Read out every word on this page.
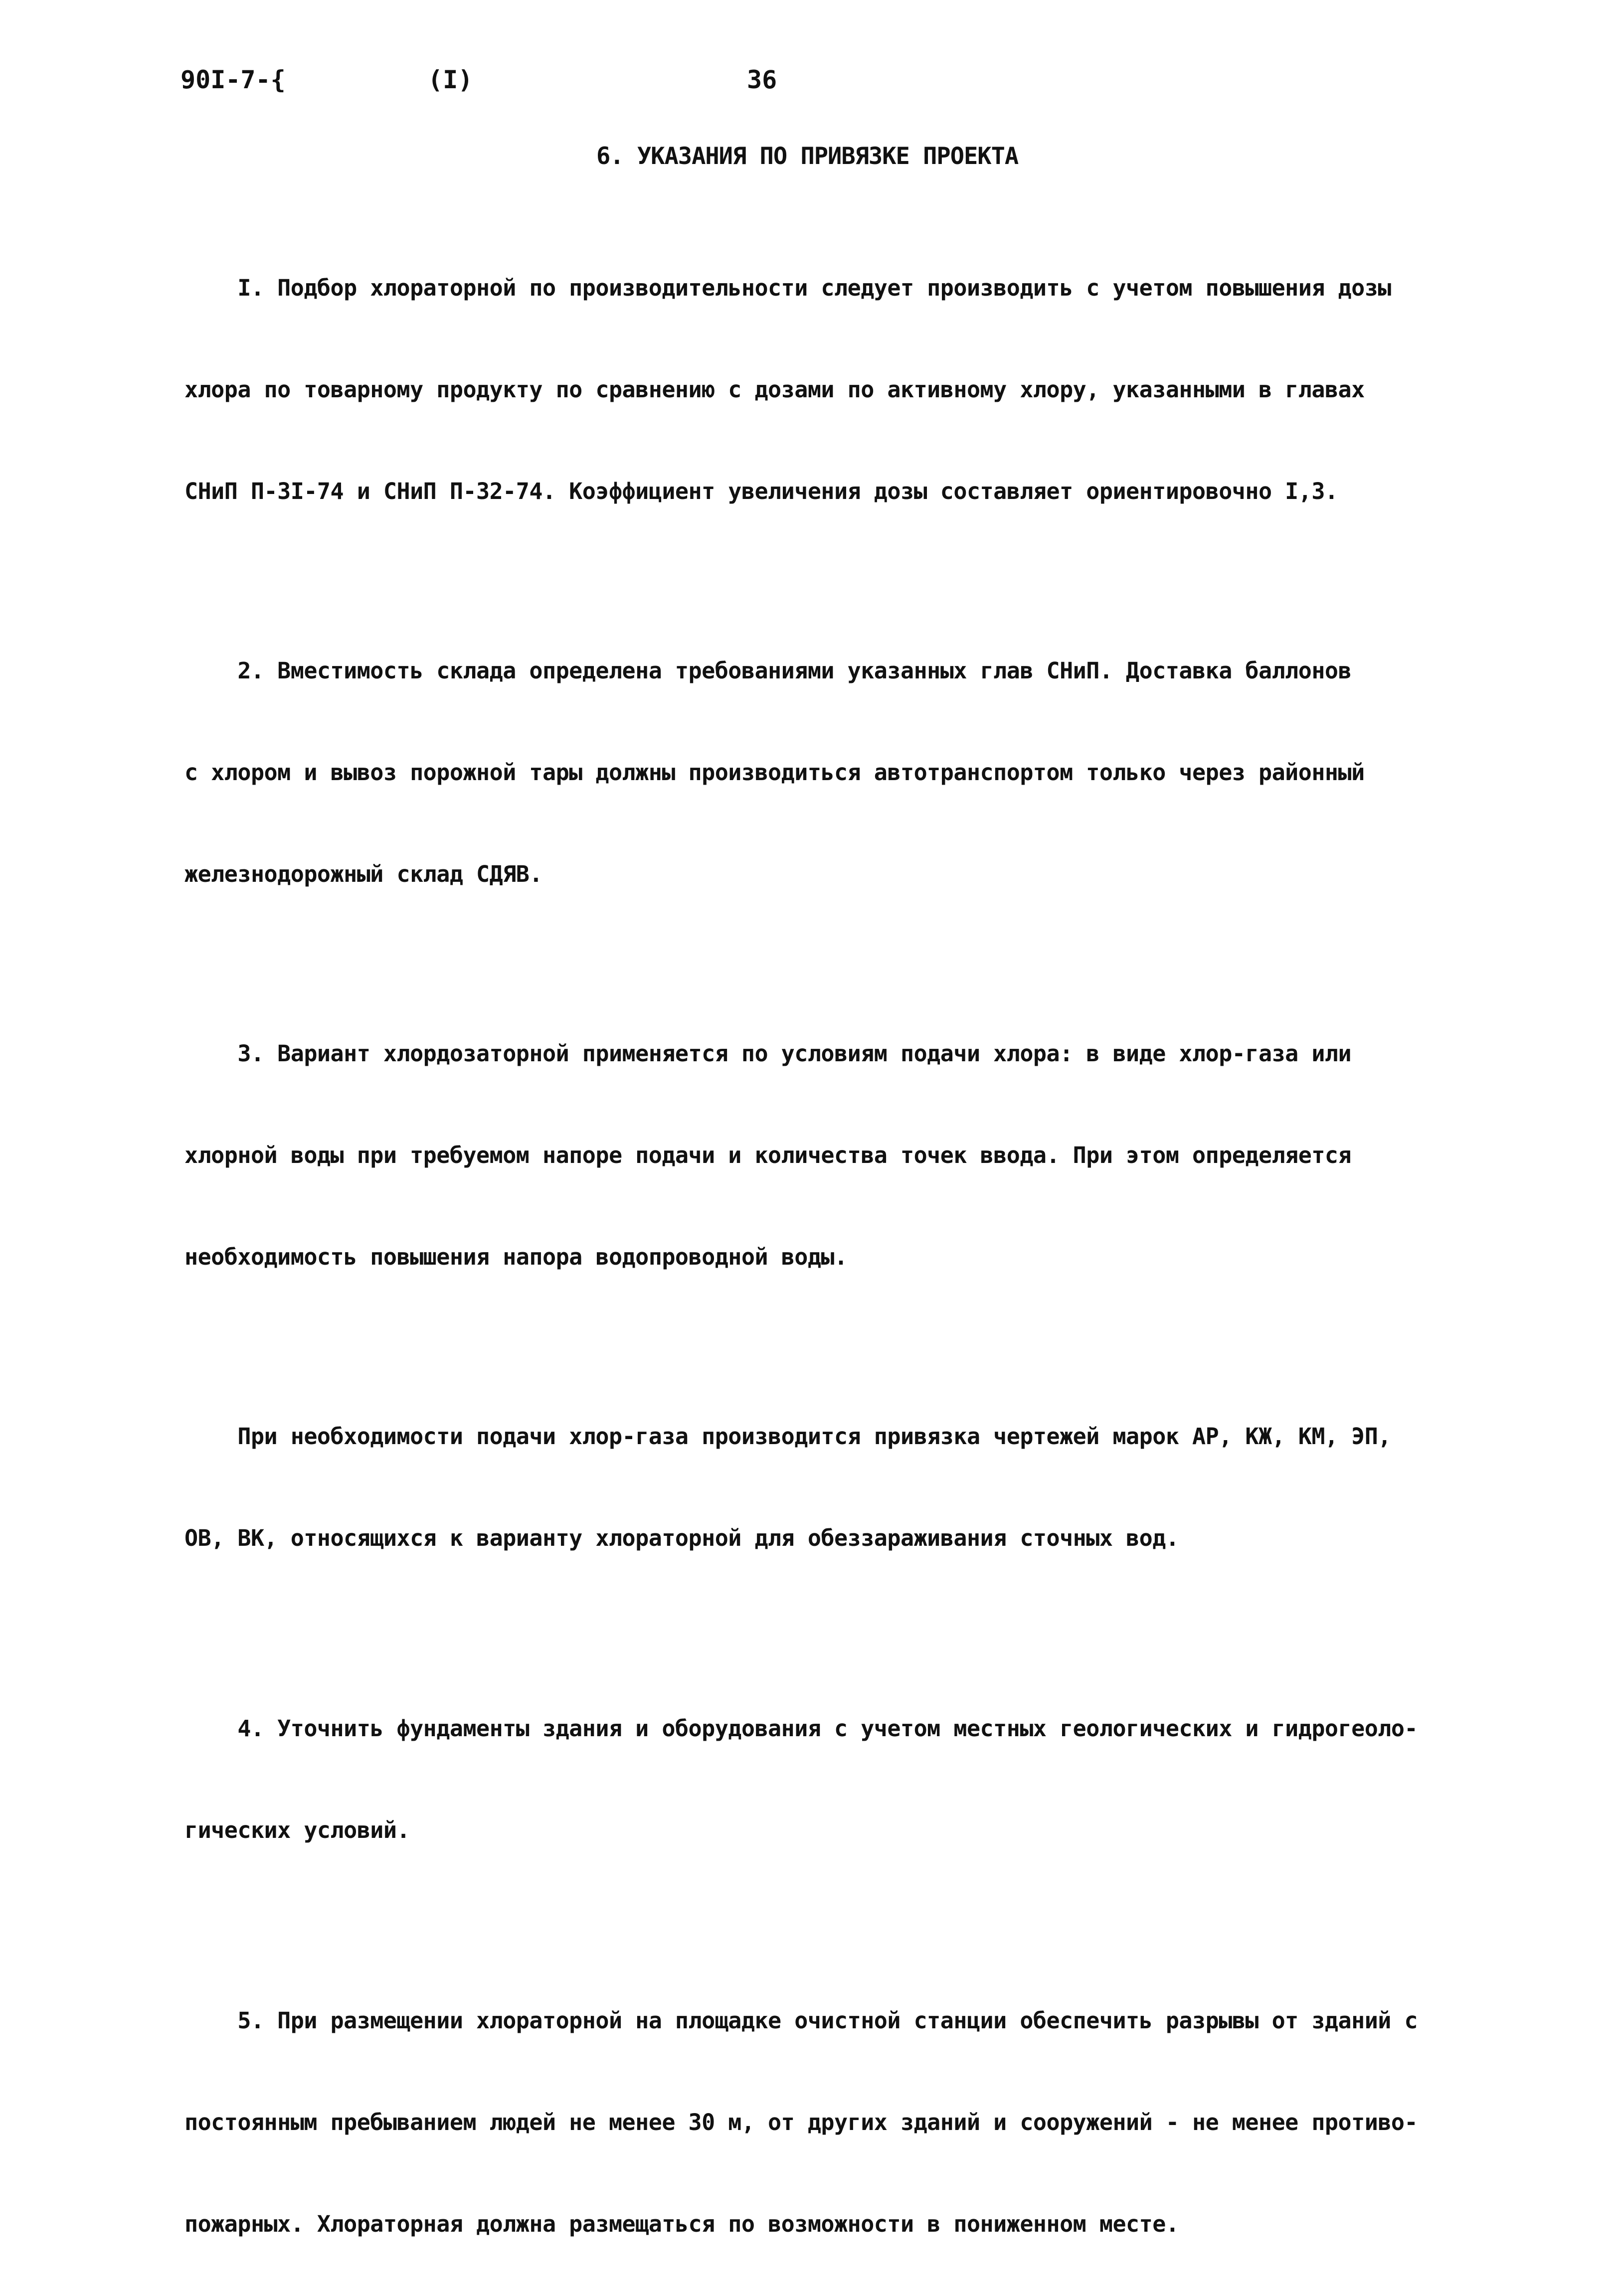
90I-7-{	(I)	36

6. УКАЗАНИЯ ПО ПРИВЯЗКЕ ПРОЕКТА

I. Подбор хлораторной по производительности следует производить с учетом повышения дозы

хлора по товарному продукту по сравнению с дозами по активному хлору, указанными в главах

СНиП П-3I-74 и СНиП П-32-74. Коэффициент увеличения дозы составляет ориентировочно I,3.

2. Вместимость склада определена требованиями указанных глав СНиП. Доставка баллонов

с хлором и вывоз порожной тары должны производиться автотранспортом только через районный

железнодорожный склад СДЯВ.

3. Вариант хлордозаторной применяется по условиям подачи хлора: в виде хлор-газа или

хлорной воды при требуемом напоре подачи и количества точек ввода. При этом определяется

необходимость повышения напора водопроводной воды.

При необходимости подачи хлор-газа производится привязка чертежей марок АР, КЖ, КМ, ЭП,

ОВ, ВК, относящихся к варианту хлораторной для обеззараживания сточных вод.

4. Уточнить фундаменты здания и оборудования с учетом местных геологических и гидрогеоло-

гических условий.

5. При размещении хлораторной на площадке очистной станции обеспечить разрывы от зданий с

постоянным пребыванием людей не менее 30 м, от других зданий и сооружений - не менее противо-

пожарных. Хлораторная должна размещаться по возможности в пониженном месте.
